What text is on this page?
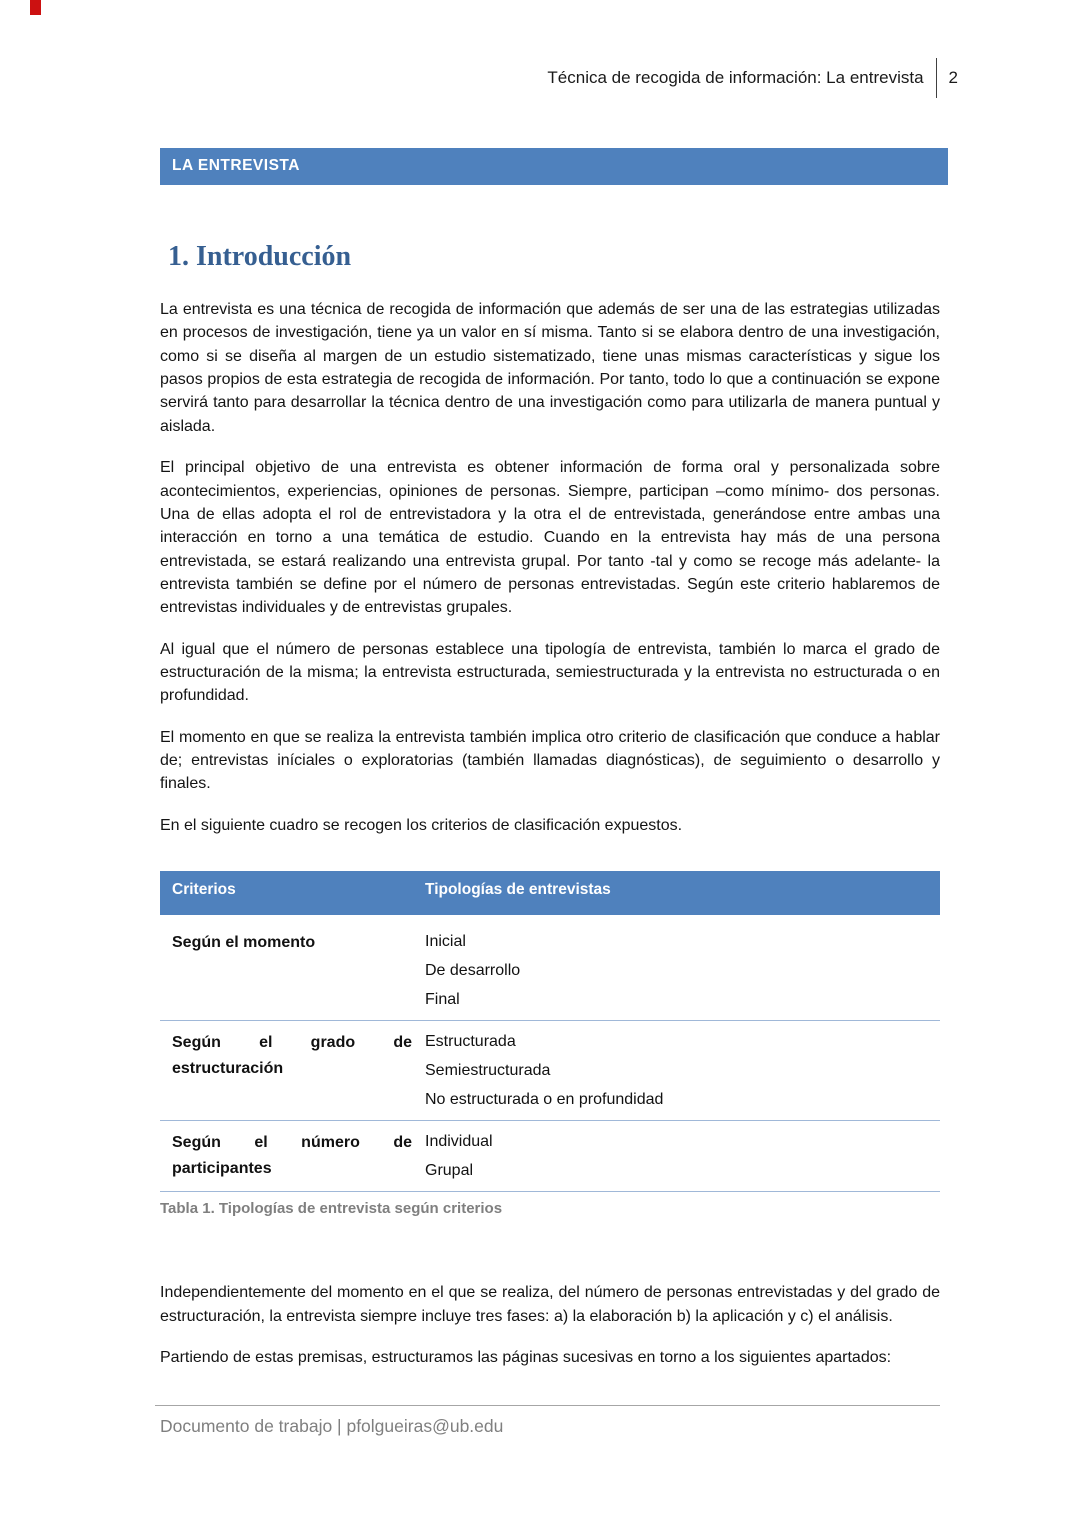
Técnica de recogida de información: La entrevista 2
LA ENTREVISTA
1. Introducción

La entrevista es una técnica de recogida de información que además de ser una de las estrategias utilizadas en procesos de investigación, tiene ya un valor en sí misma. Tanto si se elabora dentro de una investigación, como si se diseña al margen de un estudio sistematizado, tiene unas mismas características y sigue los pasos propios de esta estrategia de recogida de información. Por tanto, todo lo que a continuación se expone servirá tanto para desarrollar la técnica dentro de una investigación como para utilizarla de manera puntual y aislada.

El principal objetivo de una entrevista es obtener información de forma oral y personalizada sobre acontecimientos, experiencias, opiniones de personas. Siempre, participan –como mínimo- dos personas. Una de ellas adopta el rol de entrevistadora y la otra el de entrevistada, generándose entre ambas una interacción en torno a una temática de estudio. Cuando en la entrevista hay más de una persona entrevistada, se estará realizando una entrevista grupal. Por tanto -tal y como se recoge más adelante- la entrevista también se define por el número de personas entrevistadas. Según este criterio hablaremos de entrevistas individuales y de entrevistas grupales.

Al igual que el número de personas establece una tipología de entrevista, también lo marca el grado de estructuración de la misma; la entrevista estructurada, semiestructurada y la entrevista no estructurada o en profundidad.

El momento en que se realiza la entrevista también implica otro criterio de clasificación que conduce a hablar de; entrevistas iníciales o exploratorias (también llamadas diagnósticas), de seguimiento o desarrollo y finales.

En el siguiente cuadro se recogen los criterios de clasificación expuestos.

Criterios	Tipologías de entrevistas
Según el momento	Inicial
De desarrollo
Final
Según el grado de estructuración
Estructurada
Semiestructurada
No estructurada o en profundidad
Según el número de participantes
Individual
Grupal
Tabla 1. Tipologías de entrevista según criterios

Independientemente del momento en el que se realiza, del número de personas entrevistadas y del grado de estructuración, la entrevista siempre incluye tres fases: a) la elaboración b) la aplicación y c) el análisis.

Partiendo de estas premisas, estructuramos las páginas sucesivas en torno a los siguientes apartados:

Documento de trabajo | pfolgueiras@ub.edu
